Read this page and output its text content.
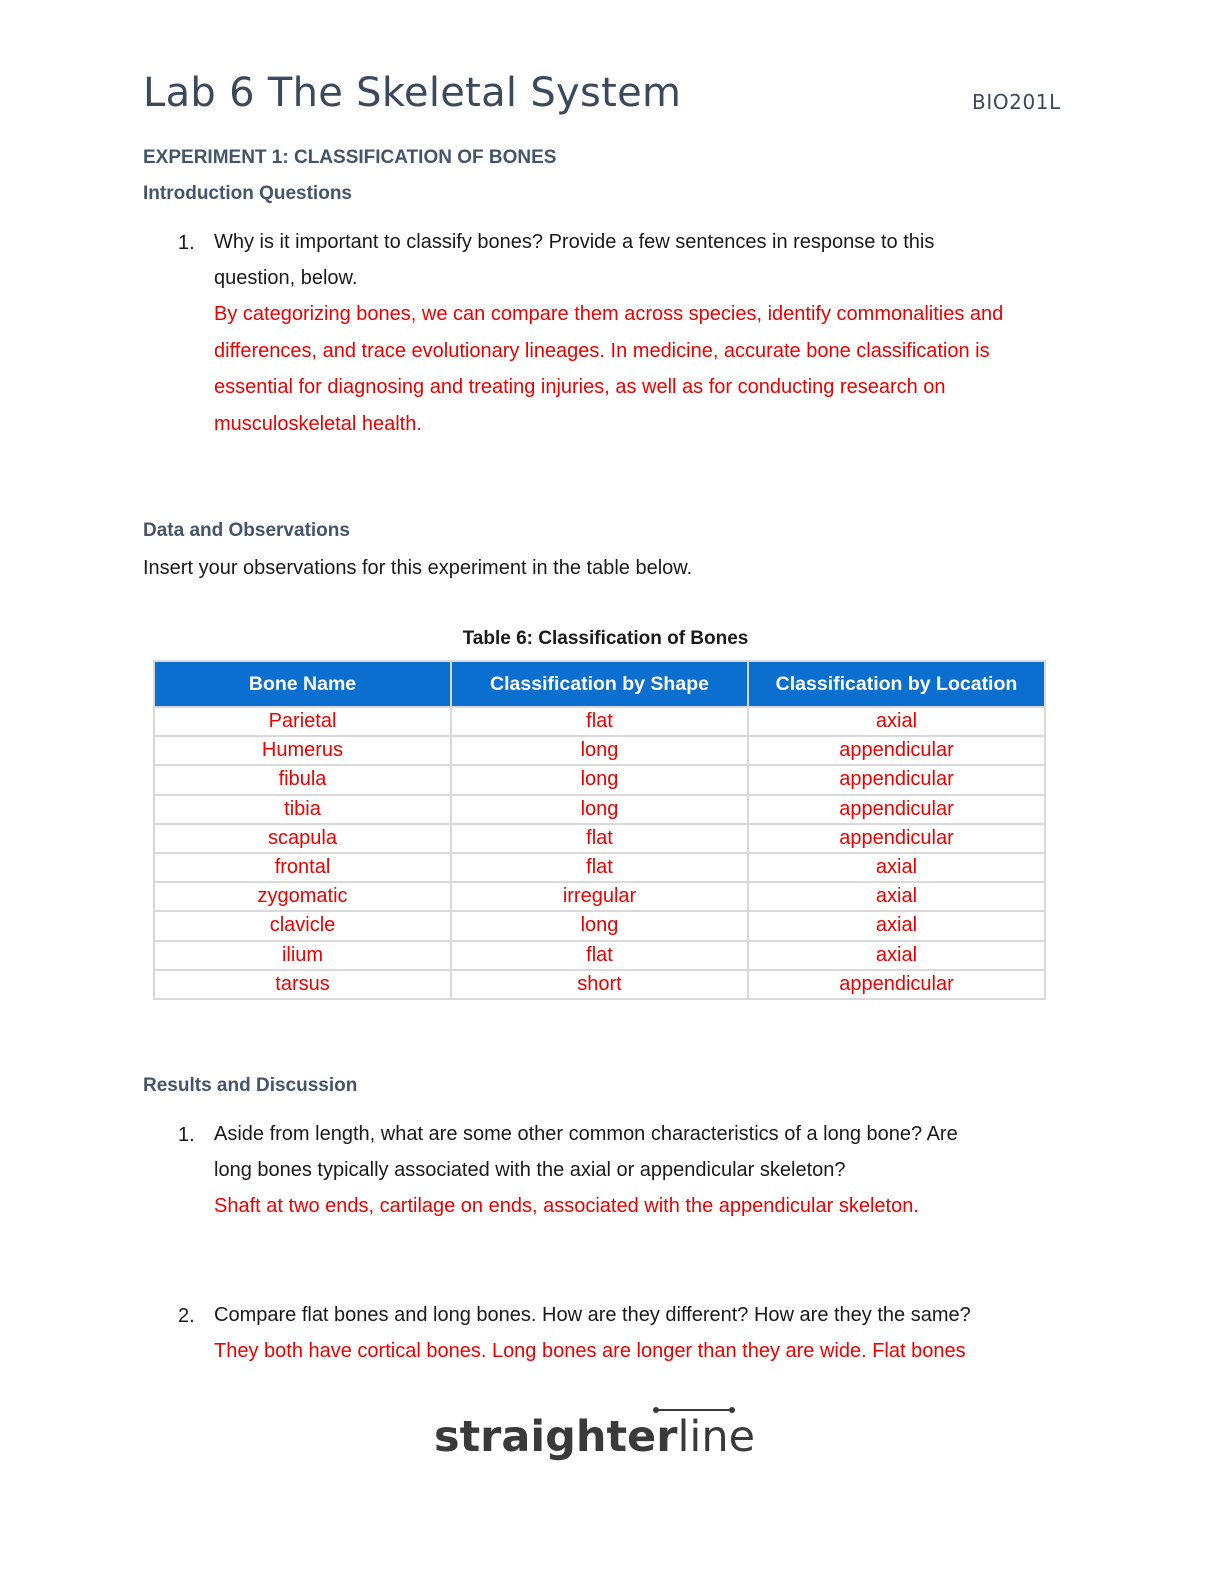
Lab 6 The Skeletal System	BIO201L
EXPERIMENT 1: CLASSIFICATION OF BONES
Introduction Questions
1. Why is it important to classify bones? Provide a few sentences in response to this
question, below.
By categorizing bones, we can compare them across species, identify commonalities and
differences, and trace evolutionary lineages. In medicine, accurate bone classification is
essential for diagnosing and treating injuries, as well as for conducting research on
musculoskeletal health.
Data and Observations
Insert your observations for this experiment in the table below.
Table 6: Classification of Bones
Bone Name	Classification by Shape	Classification by Location
Parietal	flat	axial
Humerus	long	appendicular
fibula	long	appendicular
tibia	long	appendicular
scapula	flat	appendicular
frontal	flat	axial
zygomatic	irregular	axial
clavicle	long	axial
ilium	flat	axial
tarsus	short	appendicular
Results and Discussion
1. Aside from length, what are some other common characteristics of a long bone? Are
long bones typically associated with the axial or appendicular skeleton?
Shaft at two ends, cartilage on ends, associated with the appendicular skeleton.
2. Compare flat bones and long bones. How are they different? How are they the same?
They both have cortical bones. Long bones are longer than they are wide. Flat bones
straighterline
